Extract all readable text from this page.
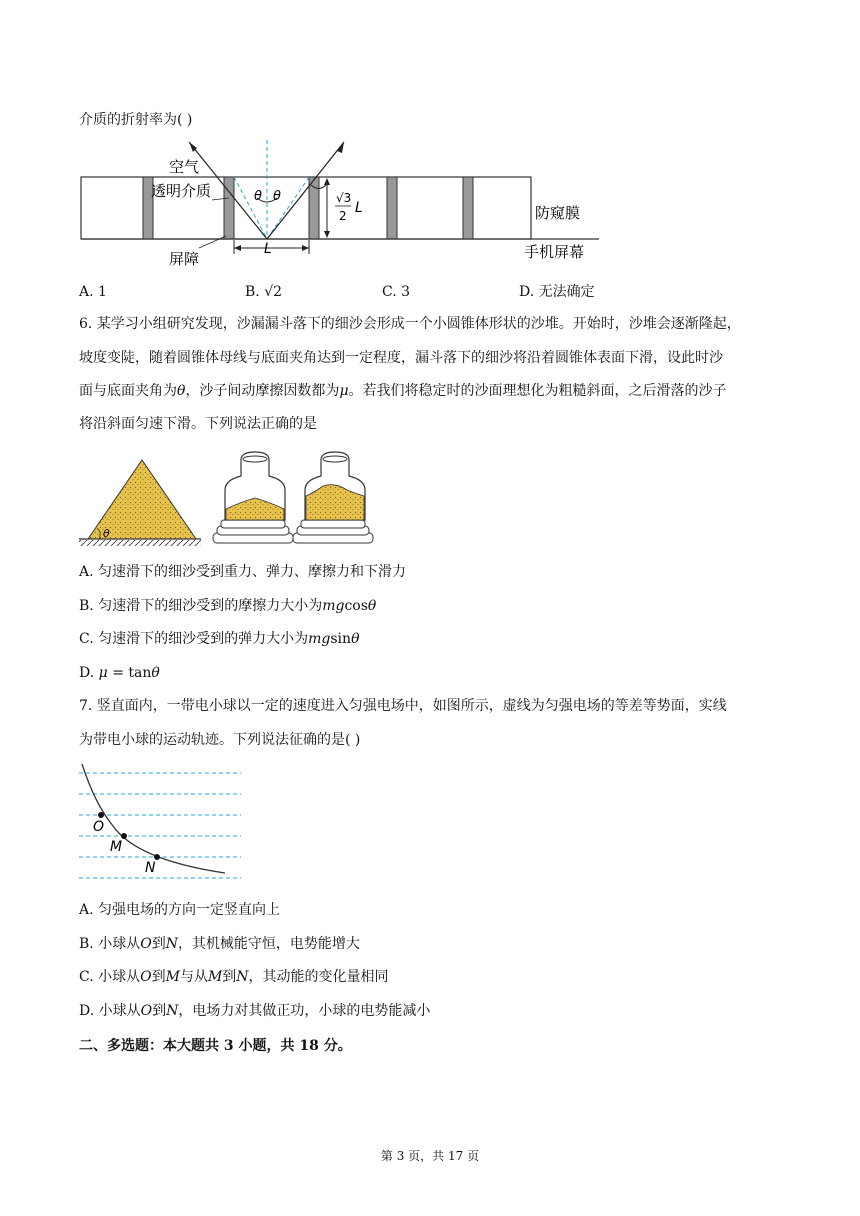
介质的折射率为( )
θ θ	√3
2 L
L
空气
透明介质
防窥膜
手机屏幕
屏障
A. 1	B. √2	C. 3	D. 无法确定
6. 某学习小组研究发现，沙漏漏斗落下的细沙会形成一个小圆锥体形状的沙堆。开始时，沙堆会逐渐隆起，
坡度变陡，随着圆锥体母线与底面夹角达到一定程度，漏斗落下的细沙将沿着圆锥体表面下滑，设此时沙
面与底面夹角为θ，沙子间动摩擦因数都为μ。若我们将稳定时的沙面理想化为粗糙斜面，之后滑落的沙子
将沿斜面匀速下滑。下列说法正确的是
θ
A. 匀速滑下的细沙受到重力、弹力、摩擦力和下滑力
B. 匀速滑下的细沙受到的摩擦力大小为mgcosθ
C. 匀速滑下的细沙受到的弹力大小为mgsinθ
D. μ = tanθ
7. 竖直面内，一带电小球以一定的速度进入匀强电场中，如图所示，虚线为匀强电场的等差等势面，实线
为带电小球的运动轨迹。下列说法征确的是( )
O
M
N
A. 匀强电场的方向一定竖直向上
B. 小球从O到N，其机械能守恒，电势能增大
C. 小球从O到M与从M到N，其动能的变化量相同
D. 小球从O到N，电场力对其做正功，小球的电势能减小
二、多选题：本大题共 3 小题，共 18 分。
第 3 页，共 17 页
